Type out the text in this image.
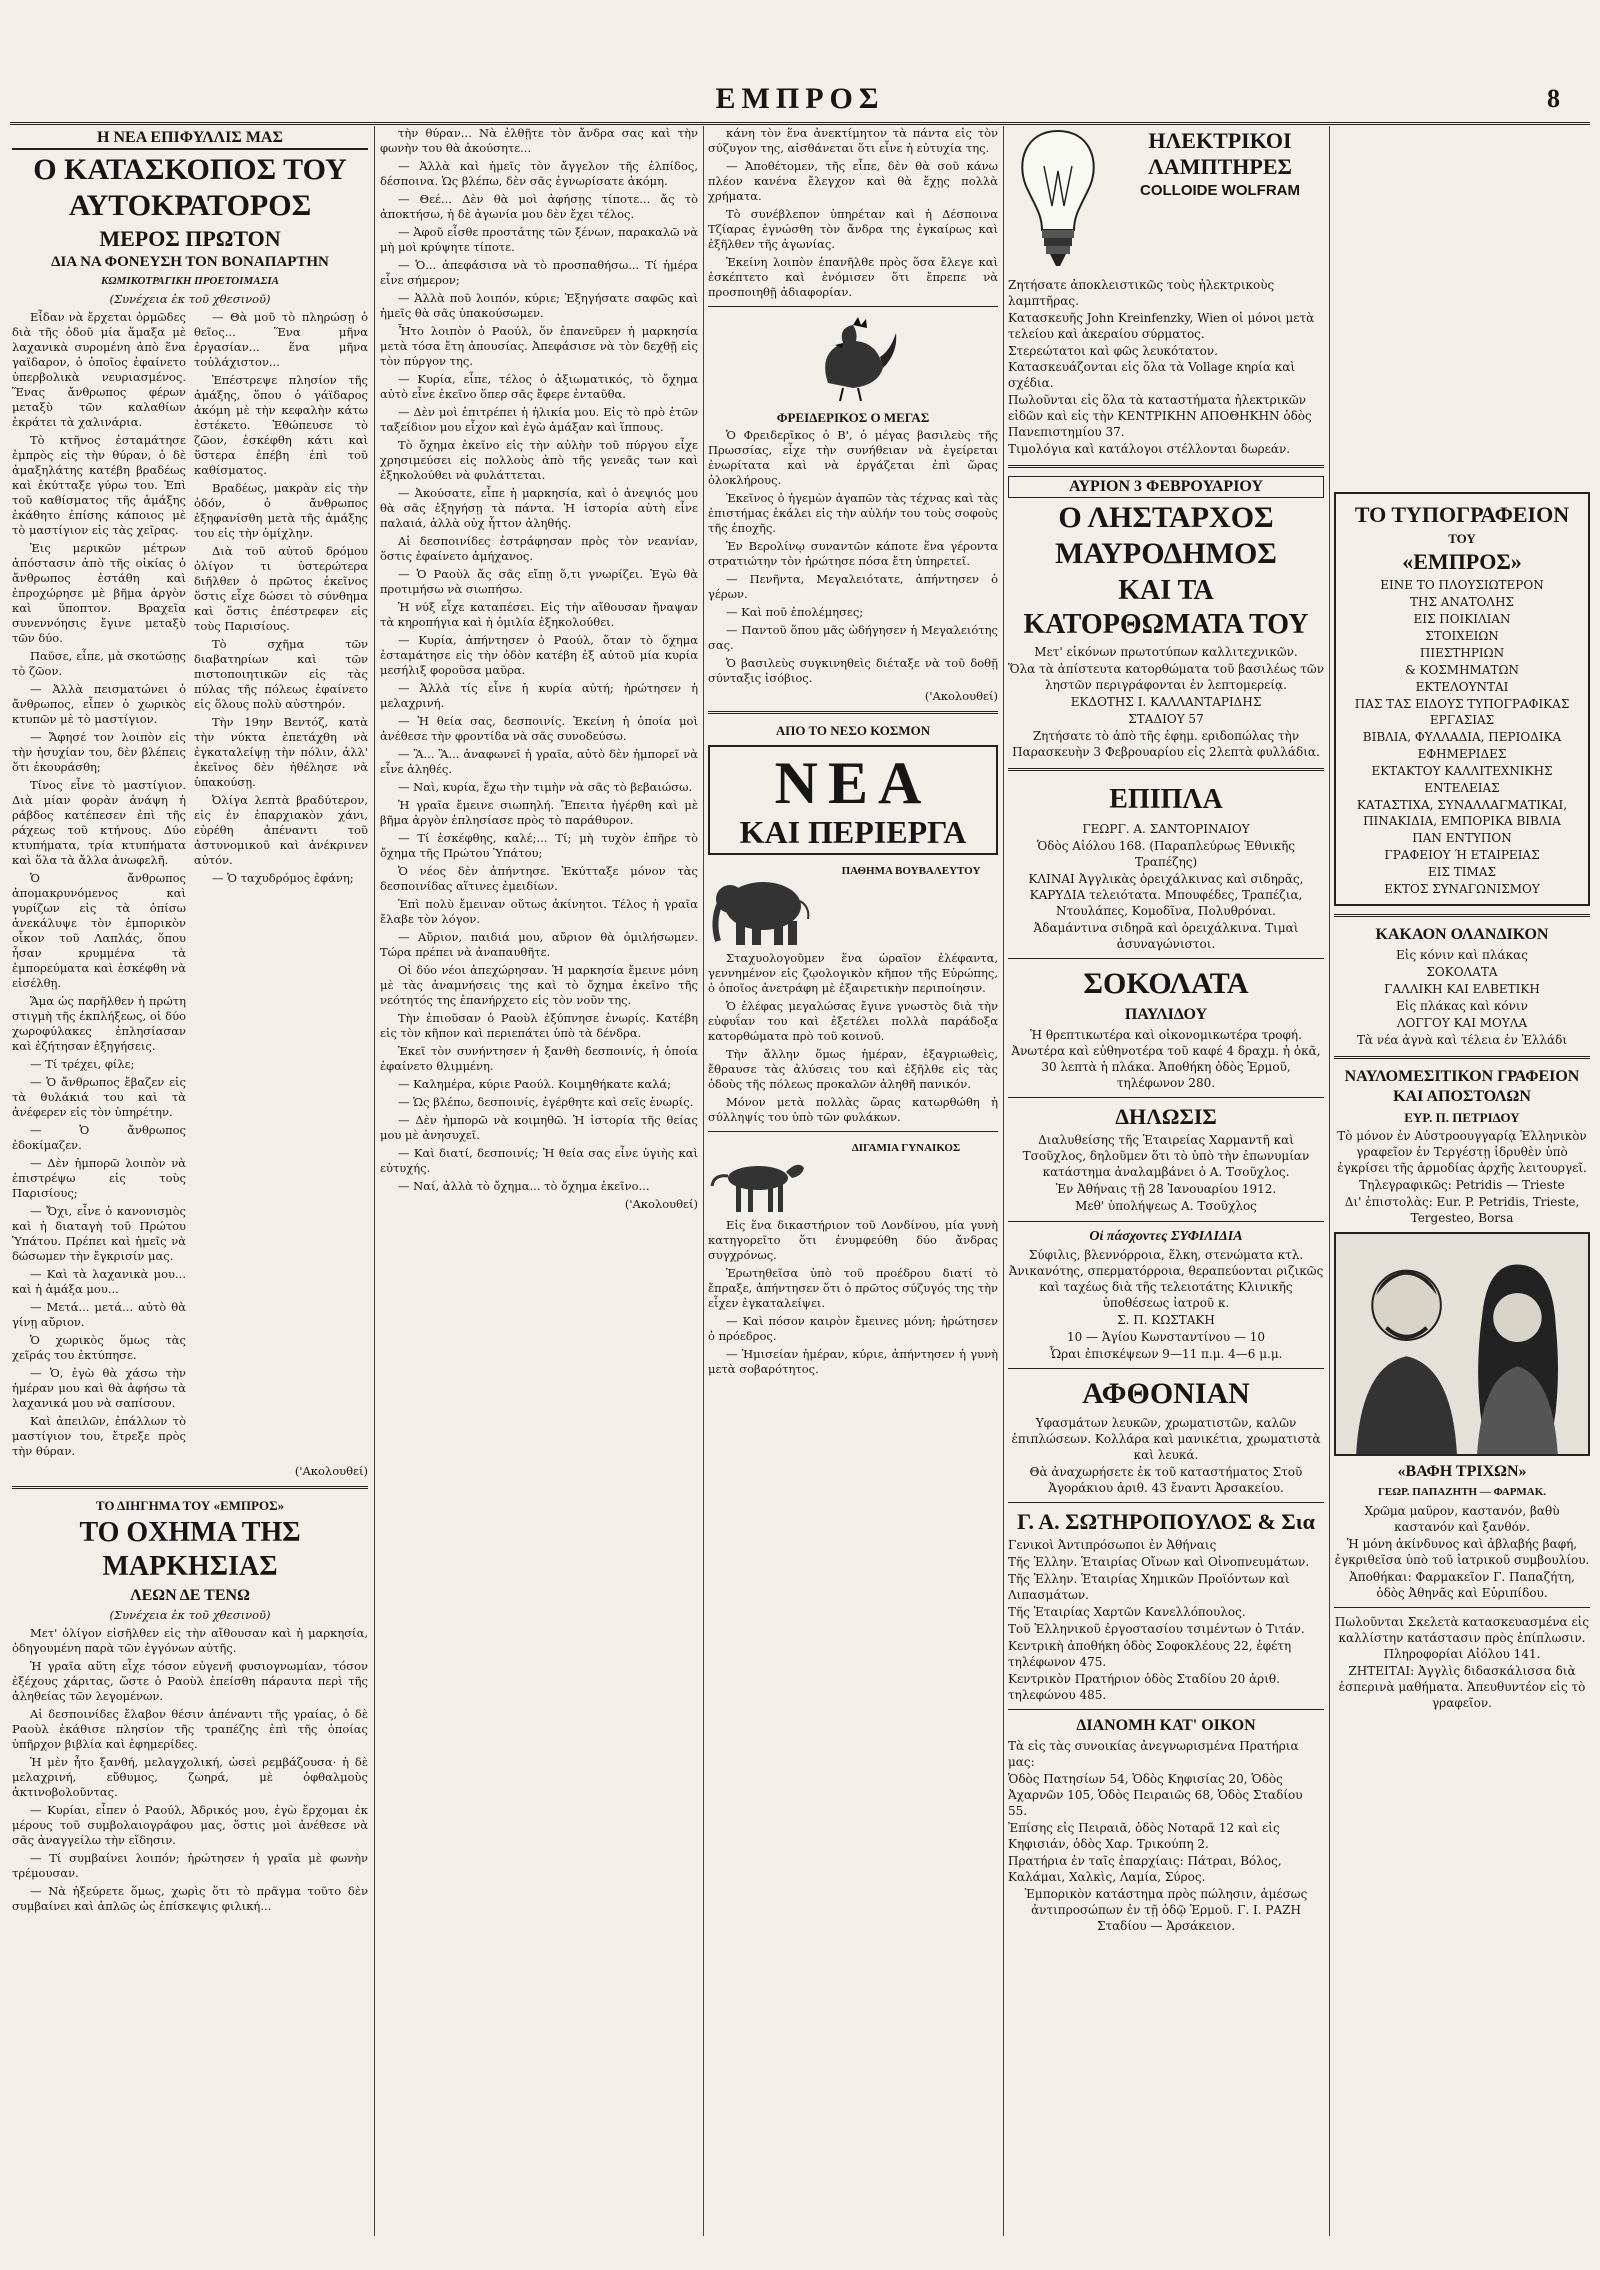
ΕΜΠΡΟΣ	8
Η ΝΕΑ ΕΠΙΦΥΛΛΙΣ ΜΑΣ
Ο ΚΑΤΑΣΚΟΠΟΣ ΤΟΥ ΑΥΤΟΚΡΑΤΟΡΟΣ
ΜΕΡΟΣ ΠΡΩΤΟΝ
ΔΙΑ ΝΑ ΦΟΝΕΥΣΗ ΤΟΝ ΒΟΝΑΠΑΡΤΗΝ
ΚΩΜΙΚΟΤΡΑΓΙΚΗ ΠΡΟΕΤΟΙΜΑΣΙΑ
(Συνέχεια ἐκ τοῦ χθεσινοῦ)

Εἶδαν νὰ ἔρχεται ὁρμῶδες διὰ τῆς ὁδοῦ μία ἅμαξα μὲ λαχανικὰ συρομένη ἀπὸ ἕνα γαϊδαρον, ὁ ὁποῖος ἐφαίνετο ὑπερβολικὰ νευριασμένος. Ἕνας ἄνθρωπος φέρων μεταξὺ τῶν καλαθίων ἐκράτει τὰ χαλινάρια.

Τὸ κτῆνος ἐσταμάτησε ἐμπρὸς εἰς τὴν θύραν, ὁ δὲ ἁμαξηλάτης κατέβη βραδέως καὶ ἐκύτταξε γύρω του. Ἐπὶ τοῦ καθίσματος τῆς ἁμάξης ἐκάθητο ἐπίσης κάποιος μὲ τὸ μαστίγιον εἰς τὰς χεῖρας.

Ἐις μερικῶν μέτρων ἀπόστασιν ἀπὸ τῆς οἰκίας ὁ ἄνθρωπος ἐστάθη καὶ ἐπροχώρησε μὲ βῆμα ἀργὸν καὶ ὕποπτον. Βραχεῖα συνεννόησις ἔγινε μεταξὺ τῶν δύο.

Παῦσε, εἶπε, μὰ σκοτώσῃς τὸ ζῶον.

— Ἀλλὰ πεισματώνει ὁ ἄνθρωπος, εἶπεν ὁ χωρικὸς κτυπῶν μὲ τὸ μαστίγιον.

— Ἄφησέ τον λοιπὸν εἰς τὴν ἡσυχίαν του, δὲν βλέπεις ὅτι ἐκουράσθη;

Τίνος εἶνε τὸ μαστίγιον. Διὰ μίαν φορὰν ἀνάψη ἡ ράβδος κατέπεσεν ἐπὶ τῆς ράχεως τοῦ κτήνους. Δύο κτυπήματα, τρία κτυπήματα καὶ ὅλα τὰ ἄλλα ἀνωφελῆ.

Ὁ ἄνθρωπος ἀπομακρυνόμενος καὶ γυρίζων εἰς τὰ ὀπίσω ἀνεκάλυψε τὸν ἐμπορικὸν οἶκον τοῦ Λαπλάς, ὅπου ἦσαν κρυμμένα τὰ ἐμπορεύματα καὶ ἐσκέφθη νὰ εἰσέλθῃ.

Ἅμα ὡς παρῆλθεν ἡ πρώτη στιγμὴ τῆς ἐκπλήξεως, οἱ δύο χωροφύλακες ἐπλησίασαν καὶ ἐζήτησαν ἐξηγήσεις.

— Τί τρέχει, φίλε;

— Ὁ ἄνθρωπος ἔβαζεν εἰς τὰ θυλάκιά του καὶ τὰ ἀνέφερεν εἰς τὸν ὑπηρέτην.

— Ὁ ἄνθρωπος ἐδοκίμαζεν.

— Δὲν ἠμπορῶ λοιπὸν νὰ ἐπιστρέψω εἰς τοὺς Παρισίους;

— Ὄχι, εἶνε ὁ κανονισμὸς καὶ ἡ διαταγὴ τοῦ Πρώτου Ὑπάτου. Πρέπει καὶ ἡμεῖς νὰ δώσωμεν τὴν ἔγκρισίν μας.

— Καὶ τὰ λαχανικὰ μου... καὶ ἡ ἁμάξα μου...

— Μετά... μετά... αὐτὸ θὰ γίνῃ αὔριον.

Ὁ χωρικὸς ὅμως τὰς χεῖράς του ἐκτύπησε.

— Ὁ, ἐγὼ θὰ χάσω τὴν ἡμέραν μου καὶ θὰ ἀφήσω τὰ λαχανικά μου νὰ σαπίσουν.

Καὶ ἀπειλῶν, ἐπάλλων τὸ μαστίγιον του, ἔτρεξε πρὸς τὴν θύραν.

— Θὰ μοῦ τὸ πληρώσῃ ὁ θεῖος... Ἕνα μῆνα ἐργασίαν... ἕνα μῆνα τοὐλάχιστον...

Ἐπέστρεψε πλησίον τῆς ἁμάξης, ὅπου ὁ γάϊδαρος ἀκόμη μὲ τὴν κεφαλὴν κάτω ἐστέκετο. Ἐθώπευσε τὸ ζῶον, ἐσκέφθη κάτι καὶ ὕστερα ἐπέβη ἐπὶ τοῦ καθίσματος.

Βραδέως, μακρὰν εἰς τὴν ὁδόν, ὁ ἄνθρωπος ἐξηφανίσθη μετὰ τῆς ἁμάξης του εἰς τὴν ὁμίχλην.

Διὰ τοῦ αὐτοῦ δρόμου ὀλίγον τι ὑστερώτερα διῆλθεν ὁ πρῶτος ἐκεῖνος ὅστις εἶχε δώσει τὸ σύνθημα καὶ ὅστις ἐπέστρεφεν εἰς τοὺς Παρισίους.

Τὸ σχῆμα τῶν διαβατηρίων καὶ τῶν πιστοποιητικῶν εἰς τὰς πύλας τῆς πόλεως ἐφαίνετο εἰς ὅλους πολὺ αὐστηρόν.

Τὴν 19ην Βεντόζ, κατὰ τὴν νύκτα ἐπετάχθη νὰ ἐγκαταλείψῃ τὴν πόλιν, ἀλλ' ἐκεῖνος δὲν ἠθέλησε νὰ ὑπακούσῃ.

Ὀλίγα λεπτὰ βραδύτερον, εἰς ἐν ἑπαρχιακὸν χάνι, εὑρέθη ἀπέναντι τοῦ ἀστυνομικοῦ καὶ ἀνέκρινεν αὐτόν.

— Ὁ ταχυδρόμος ἐφάνη;

('Ακολουθεί)
ΤΟ ΔΙΗΓΗΜΑ ΤΟΥ «ΕΜΠΡΟΣ»
ΤΟ ΟΧΗΜΑ ΤΗΣ ΜΑΡΚΗΣΙΑΣ
ΛΕΩΝ ΔΕ ΤΕΝΩ
(Συνέχεια ἐκ τοῦ χθεσινοῦ)

Μετ' ὀλίγον εἰσῆλθεν εἰς τὴν αἴθουσαν καὶ ἡ μαρκησία, ὁδηγουμένη παρὰ τῶν ἐγγόνων αὐτῆς.

Ἡ γραῖα αὕτη εἶχε τόσον εὐγενῆ φυσιογνωμίαν, τόσον ἐξέχους χάριτας, ὥστε ὁ Ραοὺλ ἐπείσθη πάραυτα περὶ τῆς ἀληθείας τῶν λεγομένων.

Αἱ δεσποινίδες ἔλαβον θέσιν ἀπέναντι τῆς γραίας, ὁ δὲ Ραοὺλ ἐκάθισε πλησίον τῆς τραπέζης ἐπὶ τῆς ὁποίας ὑπῆρχον βιβλία καὶ ἐφημερίδες.

Ἡ μὲν ἦτο ξανθή, μελαγχολική, ὡσεὶ ρεμβάζουσα· ἡ δὲ μελαχρινή, εὔθυμος, ζωηρά, μὲ ὀφθαλμοὺς ἀκτινοβολοῦντας.

— Κυρίαι, εἶπεν ὁ Ραούλ, Ἀδρικός μου, ἐγὼ ἔρχομαι ἐκ μέρους τοῦ συμβολαιογράφου μας, ὅστις μοὶ ἀνέθεσε νὰ σᾶς ἀναγγείλω τὴν εἴδησιν.

— Τί συμβαίνει λοιπόν; ἠρώτησεν ἡ γραῖα μὲ φωνὴν τρέμουσαν.

— Νὰ ἠξεύρετε ὅμως, χωρὶς ὅτι τὸ πρᾶγμα τοῦτο δὲν συμβαίνει καὶ ἀπλῶς ὡς ἐπίσκεψις φιλική...

τὴν θύραν... Νὰ ἐλθῇτε τὸν ἄνδρα σας καὶ τὴν φωνὴν του θὰ ἀκούσητε...

— Ἀλλὰ καὶ ἡμεῖς τὸν ἄγγελον τῆς ἐλπίδος, δέσποινα. Ὡς βλέπω, δὲν σᾶς ἐγνωρίσατε ἀκόμη.

— Θεέ... Δὲν θὰ μοὶ ἀφήσῃς τίποτε... ἄς τὸ ἀποκτήσω, ἡ δὲ ἀγωνία μου δὲν ἔχει τέλος.

— Ἀφοῦ εἶσθε προστάτης τῶν ξένων, παρακαλῶ νὰ μὴ μοὶ κρύψητε τίποτε.

— Ὁ... ἀπεφάσισα νὰ τὸ προσπαθήσω... Τί ἡμέρα εἶνε σήμερον;

— Ἀλλὰ ποῦ λοιπόν, κύριε; Ἐξηγήσατε σαφῶς καὶ ἡμεῖς θὰ σᾶς ὑπακούσωμεν.

Ἦτο λοιπὸν ὁ Ραούλ, ὅν ἐπανεῦρεν ἡ μαρκησία μετὰ τόσα ἔτη ἀπουσίας. Ἀπεφάσισε νὰ τὸν δεχθῇ εἰς τὸν πύργον της.

— Κυρία, εἶπε, τέλος ὁ ἀξιωματικός, τὸ ὄχημα αὐτὸ εἶνε ἐκεῖνο ὅπερ σᾶς ἔφερε ἐνταῦθα.

— Δὲν μοὶ ἐπιτρέπει ἡ ἡλικία μου. Εἰς τὸ πρὸ ἐτῶν ταξείδιον μου εἶχον καὶ ἐγὼ ἁμάξαν καὶ ἵππους.

Τὸ ὄχημα ἐκεῖνο εἰς τὴν αὐλὴν τοῦ πύργου εἶχε χρησιμεύσει εἰς πολλοὺς ἀπὸ τῆς γενεᾶς των καὶ ἐξηκολούθει νὰ φυλάττεται.

— Ἀκούσατε, εἶπε ἡ μαρκησία, καὶ ὁ ἀνεψιός μου θὰ σᾶς ἐξηγήσῃ τὰ πάντα. Ἡ ἱστορία αὐτὴ εἶνε παλαιά, ἀλλὰ οὐχ ἧττον ἀληθής.

Αἱ δεσποινίδες ἐστράφησαν πρὸς τὸν νεανίαν, ὅστις ἐφαίνετο ἀμήχανος.

— Ὁ Ραοὺλ ἄς σᾶς εἴπῃ ὅ,τι γνωρίζει. Ἐγὼ θὰ προτιμήσω νὰ σιωπήσω.

Ἡ νύξ εἶχε καταπέσει. Εἰς τὴν αἴθουσαν ἤναψαν τὰ κηροπήγια καὶ ἡ ὁμιλία ἐξηκολούθει.

— Κυρία, ἀπήντησεν ὁ Ραούλ, ὅταν τὸ ὄχημα ἐσταμάτησε εἰς τὴν ὁδὸν κατέβη ἐξ αὐτοῦ μία κυρία μεσήλιξ φοροῦσα μαῦρα.

— Ἀλλὰ τίς εἶνε ἡ κυρία αὐτή; ἠρώτησεν ἡ μελαχρινή.

— Ἡ θεία σας, δεσποινίς. Ἐκείνη ἡ ὁποία μοὶ ἀνέθεσε τὴν φροντίδα νὰ σᾶς συνοδεύσω.

— Ἂ... Ἂ... ἀναφωνεῖ ἡ γραῖα, αὐτὸ δὲν ἠμπορεῖ νὰ εἶνε ἀληθές.

— Ναὶ, κυρία, ἔχω τὴν τιμὴν νὰ σᾶς τὸ βεβαιώσω.

Ἡ γραῖα ἔμεινε σιωπηλή. Ἔπειτα ἠγέρθη καὶ μὲ βῆμα ἀργὸν ἐπλησίασε πρὸς τὸ παράθυρον.

— Τί ἐσκέφθης, καλέ;... Τί; μὴ τυχὸν ἐπῆρε τὸ ὄχημα τῆς Πρώτου Ὑπάτου;

Ὁ νέος δὲν ἀπήντησε. Ἐκύτταξε μόνον τὰς δεσποινίδας αἵτινες ἐμειδίων.

Ἐπὶ πολὺ ἔμειναν οὕτως ἀκίνητοι. Τέλος ἡ γραῖα ἔλαβε τὸν λόγον.

— Αὔριον, παιδιά μου, αὔριον θὰ ὁμιλήσωμεν. Τώρα πρέπει νὰ ἀναπαυθῆτε.

Οἱ δύο νέοι ἀπεχώρησαν. Ἡ μαρκησία ἔμεινε μόνη μὲ τὰς ἀναμνήσεις της καὶ τὸ ὄχημα ἐκεῖνο τῆς νεότητός της ἐπανήρχετο εἰς τὸν νοῦν της.

Τὴν ἐπιοῦσαν ὁ Ραοὺλ ἐξύπνησε ἐνωρίς. Κατέβη εἰς τὸν κῆπον καὶ περιεπάτει ὑπὸ τὰ δένδρα.

Ἐκεῖ τὸν συνήντησεν ἡ ξανθὴ δεσποινίς, ἡ ὁποία ἐφαίνετο θλιμμένη.

— Καλημέρα, κύριε Ραούλ. Κοιμηθήκατε καλά;

— Ὡς βλέπω, δεσποινίς, ἐγέρθητε καὶ σεῖς ἐνωρίς.

— Δὲν ἠμπορῶ νὰ κοιμηθῶ. Ἡ ἱστορία τῆς θείας μου μὲ ἀνησυχεῖ.

— Καὶ διατί, δεσποινίς; Ἡ θεία σας εἶνε ὑγιὴς καὶ εὐτυχής.

— Ναί, ἀλλὰ τὸ ὄχημα... τὸ ὄχημα ἐκεῖνο...

('Ακολουθεί)

κάνη τὸν ἕνα ἀνεκτίμητον τὰ πάντα εἰς τὸν σύζυγον της, αἰσθάνεται ὅτι εἶνε ἡ εὐτυχία της.

— Ἀποθέτομεν, τῆς εἶπε, δὲν θὰ σοῦ κάνω πλέον κανένα ἔλεγχον καὶ θὰ ἔχῃς πολλὰ χρήματα.

Τὸ συνέβλεπον ὑπηρέταν καὶ ἡ Δέσποινα Τζίαρας ἐγνώσθη τὸν ἄνδρα της ἐγκαίρως καὶ ἐξῆλθεν τῆς ἀγωνίας.

Ἐκείνη λοιπὸν ἐπανῆλθε πρὸς ὅσα ἔλεγε καὶ ἐσκέπτετο καὶ ἐνόμισεν ὅτι ἔπρεπε νὰ προσποιηθῇ ἀδιαφορίαν.

ΦΡΕΙΔΕΡΙΚΟΣ Ο ΜΕΓΑΣ

Ὁ Φρειδερῖκος ὁ Β', ὁ μέγας βασιλεὺς τῆς Πρωσσίας, εἶχε τὴν συνήθειαν νὰ ἐγείρεται ἐνωρίτατα καὶ νὰ ἐργάζεται ἐπὶ ὥρας ὁλοκλήρους.

Ἐκεῖνος ὁ ἡγεμὼν ἀγαπῶν τὰς τέχνας καὶ τὰς ἐπιστήμας ἐκάλει εἰς τὴν αὐλήν του τοὺς σοφοὺς τῆς ἐποχῆς.

Ἐν Βερολίνῳ συναντῶν κάποτε ἕνα γέροντα στρατιώτην τὸν ἠρώτησε πόσα ἔτη ὑπηρετεῖ.

— Πενῆντα, Μεγαλειότατε, ἀπήντησεν ὁ γέρων.

— Καὶ ποῦ ἐπολέμησες;

— Παντοῦ ὅπου μᾶς ὡδήγησεν ἡ Μεγαλειότης σας.

Ὁ βασιλεὺς συγκινηθεὶς διέταξε νὰ τοῦ δοθῇ σύνταξις ἰσόβιος.

('Ακολουθεί)
ΑΠΟ ΤΟ ΝΕΣΟ ΚΟΣΜΟΝ
ΝΕΑ
ΚΑΙ ΠΕΡΙΕΡΓΑ
ΠΑΘΗΜΑ ΒΟΥΒΑΛΕΥΤΟΥ

Σταχυολογοῦμεν ἕνα ὡραῖον ἐλέφαντα, γεννημένον εἰς ζῳολογικὸν κῆπον τῆς Εὐρώπης, ὁ ὁποῖος ἀνετράφη μὲ ἐξαιρετικὴν περιποίησιν.

Ὁ ἐλέφας μεγαλώσας ἔγινε γνωστὸς διὰ τὴν εὐφυΐαν του καὶ ἐξετέλει πολλὰ παράδοξα κατορθώματα πρὸ τοῦ κοινοῦ.

Τὴν ἄλλην ὅμως ἡμέραν, ἐξαγριωθεὶς, ἔθραυσε τὰς ἁλύσεις του καὶ ἐξῆλθε εἰς τὰς ὁδοὺς τῆς πόλεως προκαλῶν ἀληθῆ πανικόν.

Μόνον μετὰ πολλὰς ὥρας κατωρθώθη ἡ σύλληψίς του ὑπὸ τῶν φυλάκων.

ΔΙΓΑΜΙΑ ΓΥΝΑΙΚΟΣ

Εἰς ἕνα δικαστήριον τοῦ Λονδίνου, μία γυνὴ κατηγορεῖτο ὅτι ἐνυμφεύθη δύο ἄνδρας συγχρόνως.

Ἐρωτηθεῖσα ὑπὸ τοῦ προέδρου διατί τὸ ἔπραξε, ἀπήντησεν ὅτι ὁ πρῶτος σύζυγός της τὴν εἶχεν ἐγκαταλείψει.

— Καὶ πόσον καιρὸν ἔμεινες μόνη; ἠρώτησεν ὁ πρόεδρος.

— Ἡμισείαν ἡμέραν, κύριε, ἀπήντησεν ἡ γυνὴ μετὰ σοβαρότητος.

ΗΛΕΚΤΡΙΚΟΙ ΛΑΜΠΤΗΡΕΣ
COLLOIDE WOLFRAM

Ζητήσατε ἀποκλειστικῶς τοὺς ἠλεκτρικοὺς λαμπτῆρας.

Κατασκευῆς John Kreinfenzky, Wien οἱ μόνοι μετὰ τελείου καὶ ἀκεραίου σύρματος.

Στερεώτατοι καὶ φῶς λευκότατον. Κατασκευάζονται εἰς ὅλα τὰ Vollage κηρία καὶ σχέδια.

Πωλοῦνται εἰς ὅλα τὰ καταστήματα ἠλεκτρικῶν εἰδῶν καὶ εἰς τὴν ΚΕΝΤΡΙΚΗΝ ΑΠΟΘΗΚΗΝ ὁδὸς Πανεπιστημίου 37.

Τιμολόγια καὶ κατάλογοι στέλλονται δωρεάν.

ΑΥΡΙΟΝ 3 ΦΕΒΡΟΥΑΡΙΟΥ
Ο ΛΗΣΤΑΡΧΟΣ ΜΑΥΡΟΔΗΜΟΣ
ΚΑΙ ΤΑ ΚΑΤΟΡΘΩΜΑΤΑ ΤΟΥ

Μετ' εἰκόνων πρωτοτύπων καλλιτεχνικῶν.

Ὅλα τὰ ἀπίστευτα κατορθώματα τοῦ βασιλέως τῶν ληστῶν περιγράφονται ἐν λεπτομερείᾳ.

ΕΚΔΟΤΗΣ Ι. ΚΑΛΛΑΝΤΑΡΙΔΗΣ

ΣΤΑΔΙΟΥ 57

Ζητήσατε τὸ ἀπὸ τῆς ἐφημ. εριδοπώλας τὴν Παρασκευὴν 3 Φεβρουαρίου εἰς 2λεπτὰ φυλλάδια.

ΕΠΙΠΛΑ

ΓΕΩΡΓ. Α. ΣΑΝΤΟΡΙΝΑΙΟΥ

Ὁδὸς Αἰόλου 168. (Παραπλεύρως Ἐθνικῆς Τραπέζης)

ΚΛΙΝΑΙ Ἀγγλικὰς ὀρειχάλκινας καὶ σιδηρᾶς, ΚΑΡΥΔΙΑ τελειότατα. Μπουφέδες, Τραπέζια, Ντουλάπες, Κομοδῖνα, Πολυθρόναι.

Ἀδαμάντινα σιδηρᾶ καὶ ὀρειχάλκινα. Τιμαὶ ἀσυναγώνιστοι.

ΣΟΚΟΛΑΤΑ
ΠΑΥΛΙΔΟΥ

Ἡ θρεπτικωτέρα καὶ οἰκονομικωτέρα τροφή. Ἀνωτέρα καὶ εὐθηνοτέρα τοῦ καφέ 4 δραχμ. ἡ ὀκᾶ, 30 λεπτὰ ἡ πλάκα. Ἀποθήκη ὁδὸς Ἑρμοῦ, τηλέφωνον 280.

ΔΗΛΩΣΙΣ

Διαλυθείσης τῆς Ἑταιρείας Χαρμαντῆ καὶ Τσοῦχλος, δηλοῦμεν ὅτι τὸ ὑπὸ τὴν ἐπωνυμίαν κατάστημα ἀναλαμβάνει ὁ Α. Τσοῦχλος.

Ἐν Ἀθήναις τῇ 28 Ἰανουαρίου 1912.

Μεθ' ὑπολήψεως Α. Τσοῦχλος

Οἱ πάσχοντες ΣΥΦΙΛΙΔΙΑ

Σύφιλις, βλεννόρροια, ἕλκη, στενώματα κτλ. Ἀνικανότης, σπερματόρροια, θεραπεύονται ριζικῶς καὶ ταχέως διὰ τῆς τελειοτάτης Κλινικῆς ὑποθέσεως ἰατροῦ κ.

Σ. Π. ΚΩΣΤΑΚΗ

10 — Ἁγίου Κωνσταντίνου — 10

Ὧραι ἐπισκέψεων 9—11 π.μ. 4—6 μ.μ.

ΑΦΘΟΝΙΑΝ

Υφασμάτων λευκῶν, χρωματιστῶν, καλῶν ἐπιπλώσεων. Κολλάρα καὶ μανικέτια, χρωματιστὰ καὶ λευκά.

Θὰ ἀναχωρήσετε ἐκ τοῦ καταστήματος Στοῦ Ἀγοράκιου ἀριθ. 43 ἔναντι Ἀρσακείου.

Γ. Α. ΣΩΤΗΡΟΠΟΥΛΟΣ & Σια

Γενικοὶ Ἀντιπρόσωποι ἐν Ἀθήναις

Τῆς Ἑλλην. Ἑταιρίας Οἴνων καὶ Οἰνοπνευμάτων.

Τῆς Ἑλλην. Ἑταιρίας Χημικῶν Προϊόντων καὶ Λιπασμάτων.

Τῆς Ἑταιρίας Χαρτῶν Κανελλόπουλος.

Τοῦ Ἑλληνικοῦ ἐργοστασίου τσιμέντων ὁ Τιτάν.

Κεντρικὴ ἀποθήκη ὁδὸς Σοφοκλέους 22, ἐφέτη τηλέφωνον 475.

Κεντρικὸν Πρατήριον ὁδὸς Σταδίου 20 ἀριθ. τηλεφώνου 485.

ΔΙΑΝΟΜΗ ΚΑΤ' ΟΙΚΟΝ

Τὰ εἰς τὰς συνοικίας ἀνεγνωρισμένα Πρατήρια μας:

Ὁδὸς Πατησίων 54, Ὁδὸς Κηφισίας 20, Ὁδὸς Ἀχαρνῶν 105, Ὁδὸς Πειραιῶς 68, Ὁδὸς Σταδίου 55.

Ἐπίσης εἰς Πειραιᾶ, ὁδὸς Νοταρᾶ 12 καὶ εἰς Κηφισιάν, ὁδὸς Χαρ. Τρικούπη 2.

Πρατήρια ἐν ταῖς ἐπαρχίαις: Πάτραι, Βόλος, Καλάμαι, Χαλκὶς, Λαμία, Σύρος.

Ἐμπορικὸν κατάστημα πρὸς πώλησιν, ἀμέσως ἀντιπροσώπων ἐν τῇ ὁδῷ Ἑρμοῦ. Γ. Ι. ΡΑΖΗ Σταδίου — Ἀρσάκειον.

ΤΟ ΤΥΠΟΓΡΑΦΕΙΟΝ
ΤΟΥ
«ΕΜΠΡΟΣ»

ΕΙΝΕ ΤΟ ΠΛΟΥΣΙΩΤΕΡΟΝ

ΤΗΣ ΑΝΑΤΟΛΗΣ

ΕΙΣ ΠΟΙΚΙΛΙΑΝ

ΣΤΟΙΧΕΙΩΝ

ΠΙΕΣΤΗΡΙΩΝ

& ΚΟΣΜΗΜΑΤΩΝ

ΕΚΤΕΛΟΥΝΤΑΙ

ΠΑΣ ΤΑΣ ΕΙΔΟΥΣ ΤΥΠΟΓΡΑΦΙΚΑΣ ΕΡΓΑΣΙΑΣ

ΒΙΒΛΙΑ, ΦΥΛΛΑΔΙΑ, ΠΕΡΙΟΔΙΚΑ

ΕΦΗΜΕΡΙΔΕΣ

ΕΚΤΑΚΤΟΥ ΚΑΛΛΙΤΕΧΝΙΚΗΣ

ΕΝΤΕΛΕΙΑΣ

ΚΑΤΑΣΤΙΧΑ, ΣΥΝΑΛΛΑΓΜΑΤΙΚΑΙ, ΠΙΝΑΚΙΔΙΑ, ΕΜΠΟΡΙΚΑ ΒΙΒΛΙΑ

ΠΑΝ ΕΝΤΥΠΟΝ

ΓΡΑΦΕΙΟΥ Ή ΕΤΑΙΡΕΙΑΣ

ΕΙΣ ΤΙΜΑΣ

ΕΚΤΟΣ ΣΥΝΑΓΩΝΙΣΜΟΥ

ΚΑΚΑΟΝ ΟΛΑΝΔΙΚΟΝ

Εἰς κόνιν καὶ πλάκας

ΣΟΚΟΛΑΤΑ

ΓΑΛΛΙΚΗ ΚΑΙ ΕΛΒΕΤΙΚΗ

Εἰς πλάκας καὶ κόνιν

ΛΟΓΓΟΥ ΚΑΙ ΜΟΥΛΑ

Τὰ νέα ἀγνὰ καὶ τέλεια ἐν Ἑλλάδι

ΝΑΥΛΟΜΕΣΙΤΙΚΟΝ ΓΡΑΦΕΙΟΝ ΚΑΙ ΑΠΟΣΤΟΛΩΝ
ΕΥΡ. Π. ΠΕΤΡΙΔΟΥ

Τὸ μόνον ἐν Αὐστροουγγαρίᾳ Ἑλληνικὸν γραφεῖον ἐν Τεργέστῃ ἱδρυθὲν ὑπὸ ἐγκρίσει τῆς ἁρμοδίας ἀρχῆς λειτουργεῖ.

Τηλεγραφικῶς: Petridis — Trieste

Δι' ἐπιστολὰς: Eur. P. Petridis, Trieste, Tergesteo, Borsa

«ΒΑΦΗ ΤΡΙΧΩΝ»
ΓΕΩΡ. ΠΑΠΑΖΗΤΗ — ΦΑΡΜΑΚ.

Χρῶμα μαῦρον, καστανόν, βαθὺ καστανόν καὶ ξανθόν.

Ἡ μόνη ἀκίνδυνος καὶ ἀβλαβής βαφή, ἐγκριθεῖσα ὑπὸ τοῦ ἰατρικοῦ συμβουλίου.

Ἀποθήκαι: Φαρμακεῖον Γ. Παπαζήτη, ὁδὸς Ἀθηνᾶς καὶ Εὐριπίδου.

Πωλοῦνται Σκελετὰ κατασκευασμένα εἰς καλλίστην κατάστασιν πρὸς ἐπίπλωσιν. Πληροφορίαι Αἰόλου 141.

ΖΗΤΕΙΤΑΙ: Ἀγγλὶς διδασκάλισσα διὰ ἑσπερινὰ μαθήματα. Ἀπευθυντέον εἰς τὸ γραφεῖον.
